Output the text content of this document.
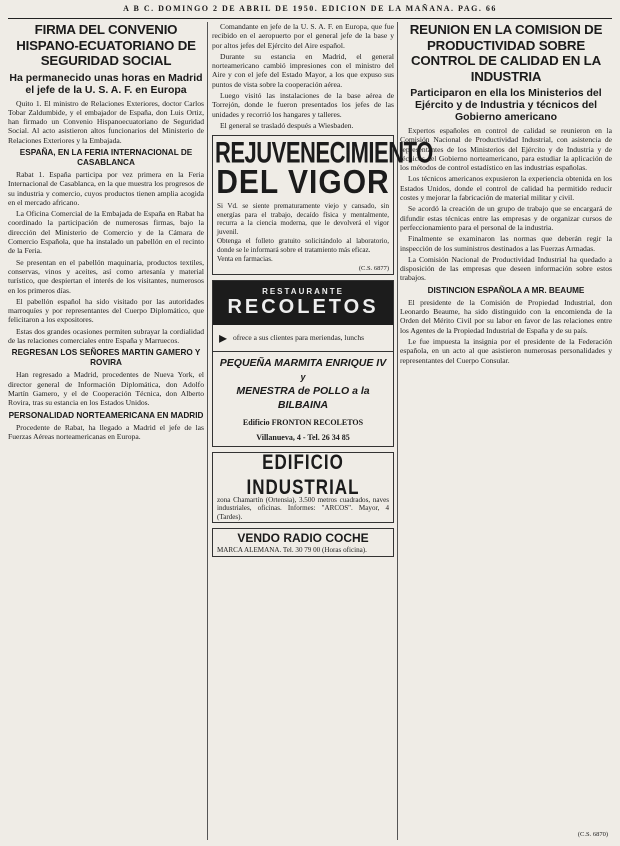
A B C. DOMINGO 2 DE ABRIL DE 1950. EDICION DE LA MAÑANA. PAG. 66
FIRMA DEL CONVENIO HISPANO-ECUATORIANO DE SEGURIDAD SOCIAL
Ha permanecido unas horas en Madrid el jefe de la U. S. A. F. en Europa

Quito 1. El ministro de Relaciones Exteriores, doctor Carlos Tobar Zaldumbide, y el embajador de España, don Luis Ortiz, han firmado un Convenio Hispanoecuatoriano de Seguridad Social. Al acto asistieron altos funcionarios del Ministerio de Relaciones Exteriores y la Embajada.

ESPAÑA, EN LA FERIA INTERNACIONAL DE CASABLANCA

Rabat 1. España participa por vez primera en la Feria Internacional de Casablanca, en la que muestra los progresos de su industria y comercio, cuyos productos tienen amplia acogida en el mercado africano.

La Oficina Comercial de la Embajada de España en Rabat ha coordinado la participación de numerosas firmas, bajo la dirección del Ministerio de Comercio y de la Cámara de Comercio Española, que ha instalado un pabellón en el recinto de la Feria.

Se presentan en el pabellón maquinaria, productos textiles, conservas, vinos y aceites, así como artesanía y material turístico, que despiertan el interés de los visitantes, numerosos en los primeros días.

El pabellón español ha sido visitado por las autoridades marroquíes y por representantes del Cuerpo Diplomático, que felicitaron a los expositores.

Estas dos grandes ocasiones permiten subrayar la cordialidad de las relaciones comerciales entre España y Marruecos.

REGRESAN LOS SEÑORES MARTIN GAMERO Y ROVIRA

Han regresado a Madrid, procedentes de Nueva York, el director general de Información Diplomática, don Adolfo Martín Gamero, y el de Cooperación Técnica, don Alberto Rovira, tras su estancia en los Estados Unidos.

PERSONALIDAD NORTEAMERICANA EN MADRID

Procedente de Rabat, ha llegado a Madrid el jefe de las Fuerzas Aéreas norteamericanas en Europa.

Comandante en jefe de la U. S. A. F. en Europa, que fue recibido en el aeropuerto por el general jefe de la base y por altos jefes del Ejército del Aire español.

Durante su estancia en Madrid, el general norteamericano cambió impresiones con el ministro del Aire y con el jefe del Estado Mayor, a los que expuso sus puntos de vista sobre la cooperación aérea.

Luego visitó las instalaciones de la base aérea de Torrejón, donde le fueron presentados los jefes de las unidades y recorrió los hangares y talleres.

El general se trasladó después a Wiesbaden.

REJUVENECIMIENTO
DEL VIGOR

Si Vd. se siente prematuramente viejo y cansado, sin energías para el trabajo, decaído física y mentalmente, recurra a la ciencia moderna, que le devolverá el vigor juvenil.

Obtenga el folleto gratuito solicitándolo al laboratorio, donde se le informará sobre el tratamiento más eficaz.

Venta en farmacias.

(C.S. 6877)
RESTAURANTE
RECOLETOS
▸ ofrece a sus clientes para meriendas, lunchs
PEQUEÑA MARMITA ENRIQUE IV
y
MENESTRA de POLLO a la BILBAINA
Edificio FRONTON RECOLETOS
Villanueva, 4 - Tel. 26 34 85
EDIFICIO INDUSTRIAL

zona Chamartín (Ortensia), 3.500 metros cuadrados, naves industriales, oficinas. Informes: "ARCOS". Mayor, 4 (Tardes).

VENDO RADIO COCHE

MARCA ALEMANA. Tel. 30 79 00 (Horas oficina).

REUNION EN LA COMISION DE PRODUCTIVIDAD SOBRE CONTROL DE CALIDAD EN LA INDUSTRIA
Participaron en ella los Ministerios del Ejército y de Industria y técnicos del Gobierno americano

Expertos españoles en control de calidad se reunieron en la Comisión Nacional de Productividad Industrial, con asistencia de representantes de los Ministerios del Ejército y de Industria y de técnicos del Gobierno norteamericano, para estudiar la aplicación de los métodos de control estadístico en las industrias españolas.

Los técnicos americanos expusieron la experiencia obtenida en los Estados Unidos, donde el control de calidad ha permitido reducir costes y mejorar la fabricación de material militar y civil.

Se acordó la creación de un grupo de trabajo que se encargará de difundir estas técnicas entre las empresas y de organizar cursos de perfeccionamiento para el personal de la industria.

Finalmente se examinaron las normas que deberán regir la inspección de los suministros destinados a las Fuerzas Armadas.

La Comisión Nacional de Productividad Industrial ha quedado a disposición de las empresas que deseen información sobre estos trabajos.

DISTINCION ESPAÑOLA A MR. BEAUME

El presidente de la Comisión de Propiedad Industrial, don Leonardo Beaume, ha sido distinguido con la encomienda de la Orden del Mérito Civil por su labor en favor de las relaciones entre los Agentes de la Propiedad Industrial de España y de su país.

Le fue impuesta la insignia por el presidente de la Federación española, en un acto al que asistieron numerosas personalidades y representantes del Cuerpo Consular.

(C.S. 6870)
